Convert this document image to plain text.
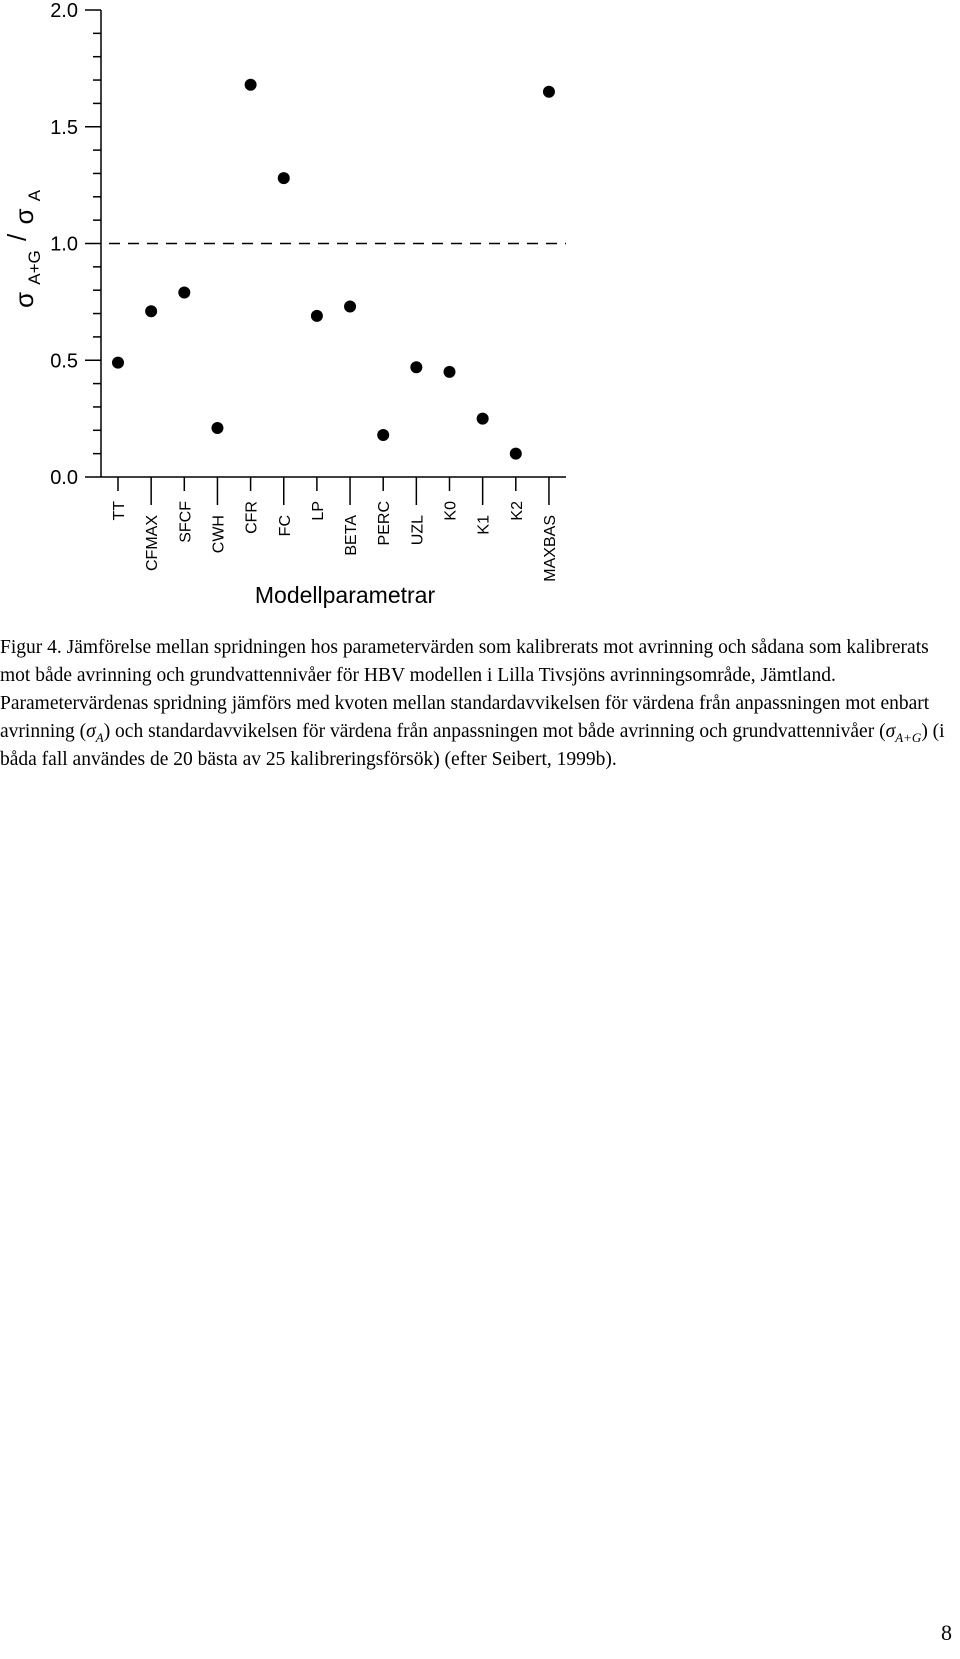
0.0
0.5
1.0
1.5
2.0
TT
CFMAX SFCF CWH CFR FC
LP
BETA PERC UZL
K0
K1
K2
MAXBAS
Modellparametrar
σ $_{A+G}$ / σ $_A$

Figur 4. Jämförelse mellan spridningen hos parametervärden som kalibrerats mot avrinning och sådana som kalibrerats mot både avrinning och grundvattennivåer för HBV modellen i Lilla Tivsjöns avrinningsområde, Jämtland. Parametervärdenas spridning jämförs med kvoten mellan standardavvikelsen för värdena från anpassningen mot enbart avrinning $(\sigma_A)$ och standardavvikelsen för värdena från anpassningen mot både avrinning och grundvattennivåer $(\sigma_{A+G})$ (i båda fall användes de 20 bästa av 25 kalibreringsförsök) (efter Seibert, 1999b).

8
